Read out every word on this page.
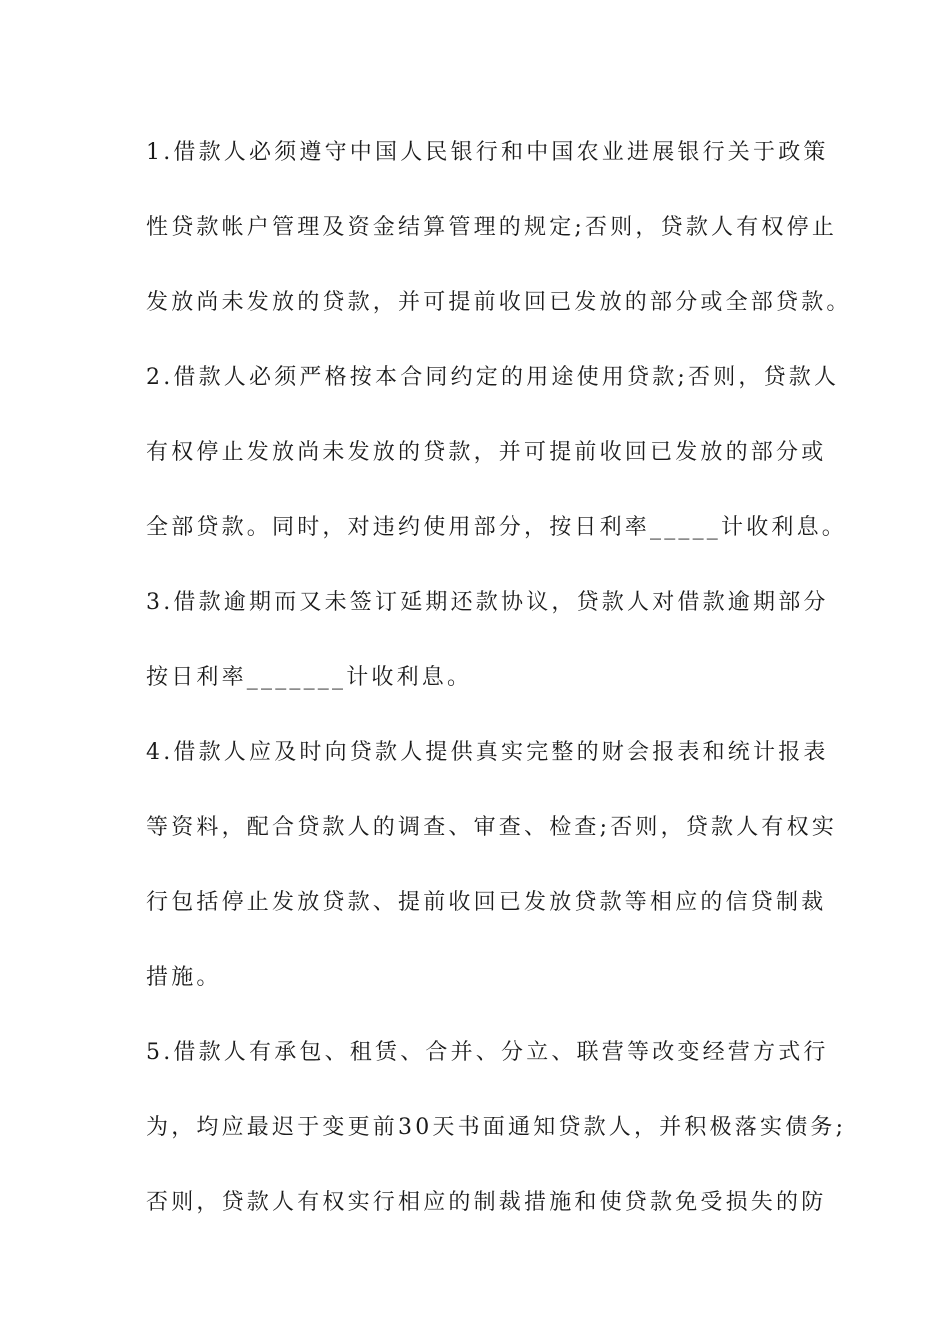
1.借款人必须遵守中国人民银行和中国农业进展银行关于政策

性贷款帐户管理及资金结算管理的规定;否则，贷款人有权停止

发放尚未发放的贷款，并可提前收回已发放的部分或全部贷款。

2.借款人必须严格按本合同约定的用途使用贷款;否则，贷款人

有权停止发放尚未发放的贷款，并可提前收回已发放的部分或

全部贷款。同时，对违约使用部分，按日利率_____计收利息。

3.借款逾期而又未签订延期还款协议，贷款人对借款逾期部分

按日利率_______计收利息。

4.借款人应及时向贷款人提供真实完整的财会报表和统计报表

等资料，配合贷款人的调查、审查、检查;否则，贷款人有权实

行包括停止发放贷款、提前收回已发放贷款等相应的信贷制裁

措施。

5.借款人有承包、租赁、合并、分立、联营等改变经营方式行

为，均应最迟于变更前30天书面通知贷款人，并积极落实债务;

否则，贷款人有权实行相应的制裁措施和使贷款免受损失的防
